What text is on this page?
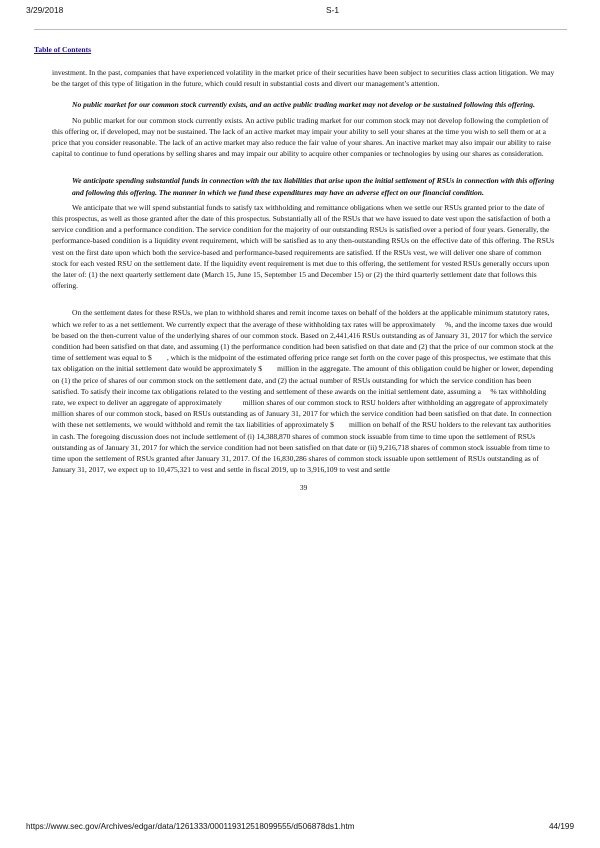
3/29/2018	S-1
Table of Contents

investment. In the past, companies that have experienced volatility in the market price of their securities have been subject to securities class action litigation. We may be the target of this type of litigation in the future, which could result in substantial costs and divert our management’s attention.

No public market for our common stock currently exists, and an active public trading market may not develop or be sustained following this offering.

No public market for our common stock currently exists. An active public trading market for our common stock may not develop following the completion of this offering or, if developed, may not be sustained. The lack of an active market may impair your ability to sell your shares at the time you wish to sell them or at a price that you consider reasonable. The lack of an active market may also reduce the fair value of your shares. An inactive market may also impair our ability to raise capital to continue to fund operations by selling shares and may impair our ability to acquire other companies or technologies by using our shares as consideration.

We anticipate spending substantial funds in connection with the tax liabilities that arise upon the initial settlement of RSUs in connection with this offering and following this offering. The manner in which we fund these expenditures may have an adverse effect on our financial condition.

We anticipate that we will spend substantial funds to satisfy tax withholding and remittance obligations when we settle our RSUs granted prior to the date of this prospectus, as well as those granted after the date of this prospectus. Substantially all of the RSUs that we have issued to date vest upon the satisfaction of both a service condition and a performance condition. The service condition for the majority of our outstanding RSUs is satisfied over a period of four years. Generally, the performance-based condition is a liquidity event requirement, which will be satisfied as to any then-outstanding RSUs on the effective date of this offering. The RSUs vest on the first date upon which both the service-based and performance-based requirements are satisfied. If the RSUs vest, we will deliver one share of common stock for each vested RSU on the settlement date. If the liquidity event requirement is met due to this offering, the settlement for vested RSUs generally occurs upon the later of: (1) the next quarterly settlement date (March 15, June 15, September 15 and December 15) or (2) the third quarterly settlement date that follows this offering.

On the settlement dates for these RSUs, we plan to withhold shares and remit income taxes on behalf of the holders at the applicable minimum statutory rates, which we refer to as a net settlement. We currently expect that the average of these withholding tax rates will be approximately     %, and the income taxes due would be based on the then-current value of the underlying shares of our common stock. Based on 2,441,416 RSUs outstanding as of January 31, 2017 for which the service condition had been satisfied on that date, and assuming (1) the performance condition had been satisfied on that date and (2) that the price of our common stock at the time of settlement was equal to $        , which is the midpoint of the estimated offering price range set forth on the cover page of this prospectus, we estimate that this tax obligation on the initial settlement date would be approximately $        million in the aggregate. The amount of this obligation could be higher or lower, depending on (1) the price of shares of our common stock on the settlement date, and (2) the actual number of RSUs outstanding for which the service condition has been satisfied. To satisfy their income tax obligations related to the vesting and settlement of these awards on the initial settlement date, assuming a     % tax withholding rate, we expect to deliver an aggregate of approximately           million shares of our common stock to RSU holders after withholding an aggregate of approximately           million shares of our common stock, based on RSUs outstanding as of January 31, 2017 for which the service condition had been satisfied on that date. In connection with these net settlements, we would withhold and remit the tax liabilities of approximately $        million on behalf of the RSU holders to the relevant tax authorities in cash. The foregoing discussion does not include settlement of (i) 14,388,870 shares of common stock issuable from time to time upon the settlement of RSUs outstanding as of January 31, 2017 for which the service condition had not been satisfied on that date or (ii) 9,216,718 shares of common stock issuable from time to time upon the settlement of RSUs granted after January 31, 2017. Of the 16,830,286 shares of common stock issuable upon settlement of RSUs outstanding as of January 31, 2017, we expect up to 10,475,321 to vest and settle in fiscal 2019, up to 3,916,109 to vest and settle

39

https://www.sec.gov/Archives/edgar/data/1261333/000119312518099555/d506878ds1.htm	44/199
